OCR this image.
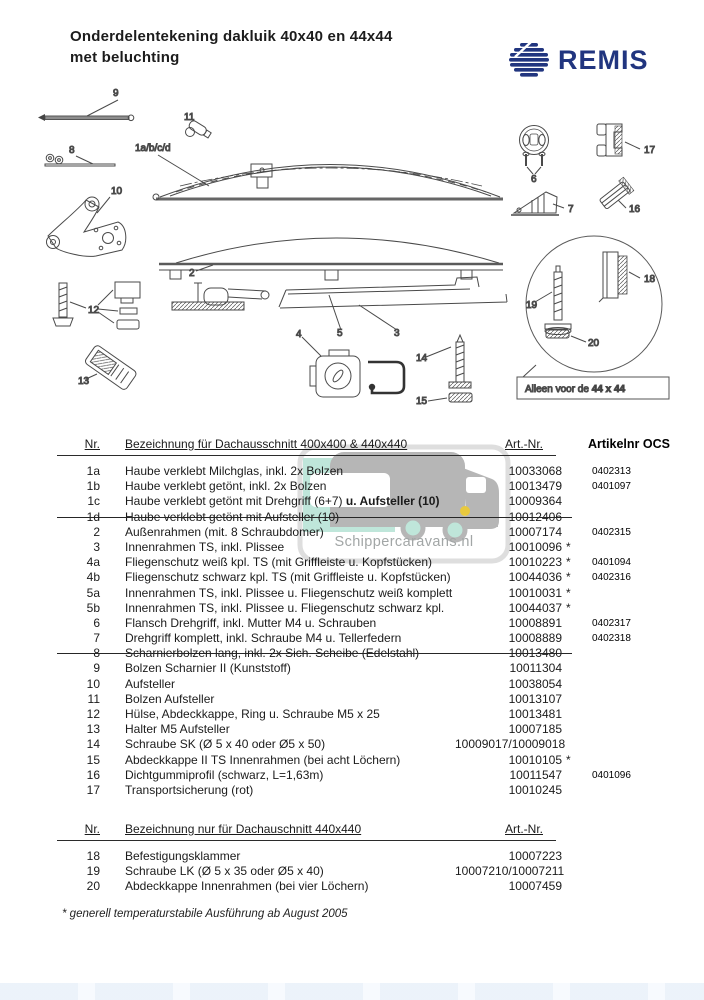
Onderdelentekening dakluik 40x40 en 44x44
met beluchting	REMIS
Schippercaravans.nl
9
8
10
1a/b/c/d
11
2
12
13
4	5	3
14
15
6
17
7	16
19
18
20
Alleen voor de 44 x 44
Nr. Bezeichnung für Dachausschnitt 400x400 & 440x440	Art.-Nr.	Artikelnr OCS
1a Haube verklebt Milchglas, inkl. 2x Bolzen	10033068	0402313
1b Haube verklebt getönt, inkl. 2x Bolzen	10013479	0401097
1c Haube verklebt getönt mit Drehgriff (6+7) u. Aufsteller (10)	10009364
1d Haube verklebt getönt mit Aufsteller (10)	10012406
2 Außenrahmen (mit. 8 Schraubdomer)	10007174	0402315
3 Innenrahmen TS, inkl. Plissee	10010096 *
4a Fliegenschutz weiß kpl. TS (mit Griffleiste u. Kopfstücken)	10010223 *	0401094
4b Fliegenschutz schwarz kpl. TS (mit Griffleiste u. Kopfstücken)	10044036 *	0402316
5a Innenrahmen TS, inkl. Plissee u. Fliegenschutz weiß komplett	10010031 *
5b Innenrahmen TS, inkl. Plissee u. Fliegenschutz schwarz kpl.	10044037 *
6 Flansch Drehgriff, inkl. Mutter M4 u. Schrauben	10008891	0402317
7 Drehgriff komplett, inkl. Schraube M4 u. Tellerfedern	10008889	0402318
8 Scharnierbolzen lang, inkl. 2x Sich. Scheibe (Edelstahl)	10013480
9 Bolzen Scharnier II (Kunststoff)	10011304
10 Aufsteller	10038054
11 Bolzen Aufsteller	10013107
12 Hülse, Abdeckkappe, Ring u. Schraube M5 x 25	10013481
13 Halter M5 Aufsteller	10007185
14 Schraube SK (Ø 5 x 40 oder Ø5 x 50)	10009017/10009018
15 Abdeckkappe II TS Innenrahmen (bei acht Löchern)	10010105 *
16 Dichtgummiprofil (schwarz, L=1,63m)	10011547	0401096
17 Transportsicherung (rot)	10010245
Nr. Bezeichnung nur für Dachauschnitt 440x440	Art.-Nr.
18 Befestigungsklammer	10007223
19 Schraube LK (Ø 5 x 35 oder Ø5 x 40)	10007210/10007211
20 Abdeckkappe Innenrahmen (bei vier Löchern)	10007459
* generell temperaturstabile Ausführung ab August 2005
